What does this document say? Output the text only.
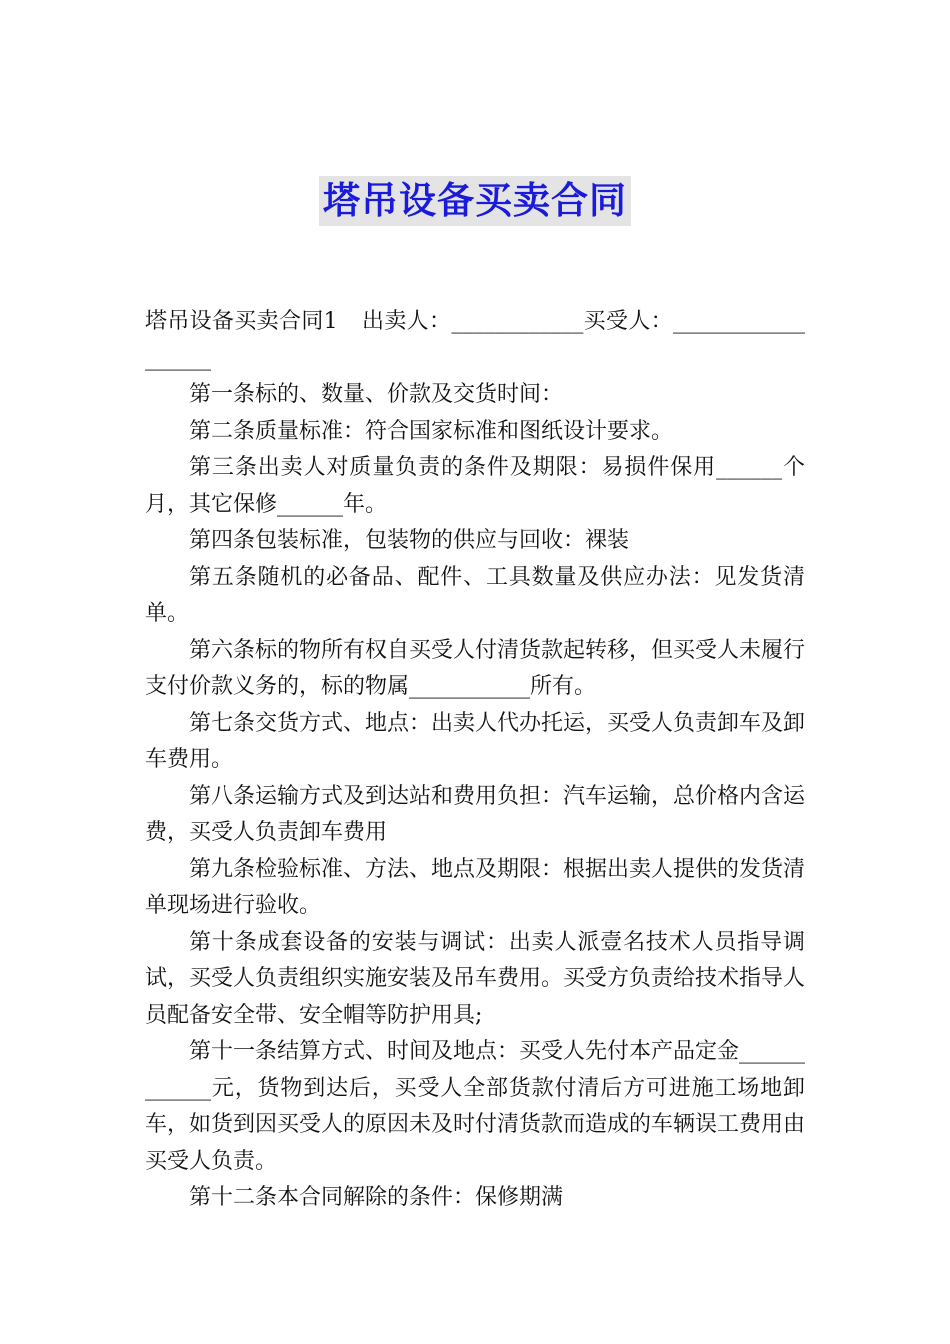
塔吊设备买卖合同

塔吊设备买卖合同1 出卖人：____________买受人：__________________

第一条标的、数量、价款及交货时间：

第二条质量标准：符合国家标准和图纸设计要求。

第三条出卖人对质量负责的条件及期限：易损件保用______个月，其它保修______年。

第四条包装标准，包装物的供应与回收：裸装

第五条随机的必备品、配件、工具数量及供应办法：见发货清单。

第六条标的物所有权自买受人付清货款起转移，但买受人未履行支付价款义务的，标的物属___________所有。

第七条交货方式、地点：出卖人代办托运，买受人负责卸车及卸车费用。

第八条运输方式及到达站和费用负担：汽车运输，总价格内含运费，买受人负责卸车费用

第九条检验标准、方法、地点及期限：根据出卖人提供的发货清单现场进行验收。

第十条成套设备的安装与调试：出卖人派壹名技术人员指导调试，买受人负责组织实施安装及吊车费用。买受方负责给技术指导人员配备安全带、安全帽等防护用具;

第十一条结算方式、时间及地点：买受人先付本产品定金____________元，货物到达后，买受人全部货款付清后方可进施工场地卸车，如货到因买受人的原因未及时付清货款而造成的车辆误工费用由买受人负责。

第十二条本合同解除的条件：保修期满
